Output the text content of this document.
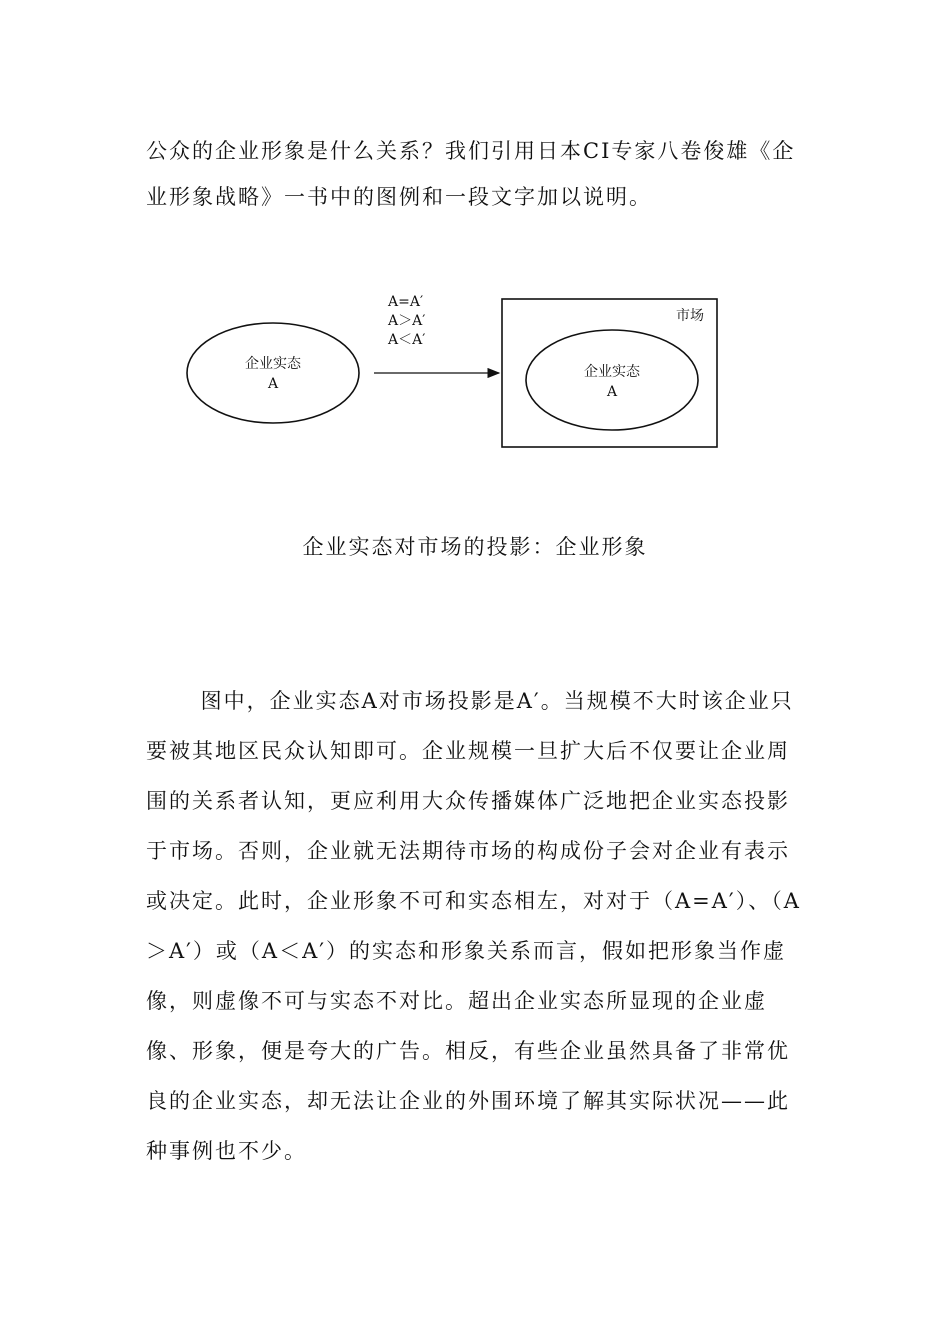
公众的企业形象是什么关系？我们引用日本CI专家八卷俊雄《企业形象战略》一书中的图例和一段文字加以说明。

企业实态
A
A=A′
A＞A′
A＜A′
市场
企业实态
A

企业实态对市场的投影：企业形象

图中，企业实态A对市场投影是A′。当规模不大时该企业只要被其地区民众认知即可。企业规模一旦扩大后不仅要让企业周围的关系者认知，更应利用大众传播媒体广泛地把企业实态投影于市场。否则，企业就无法期待市场的构成份子会对企业有表示或决定。此时，企业形象不可和实态相左，对对于（A=A′）、（A＞A′）或（A＜A′）的实态和形象关系而言，假如把形象当作虚像，则虚像不可与实态不对比。超出企业实态所显现的企业虚像、形象，便是夸大的广告。相反，有些企业虽然具备了非常优良的企业实态，却无法让企业的外围环境了解其实际状况——此种事例也不少。
